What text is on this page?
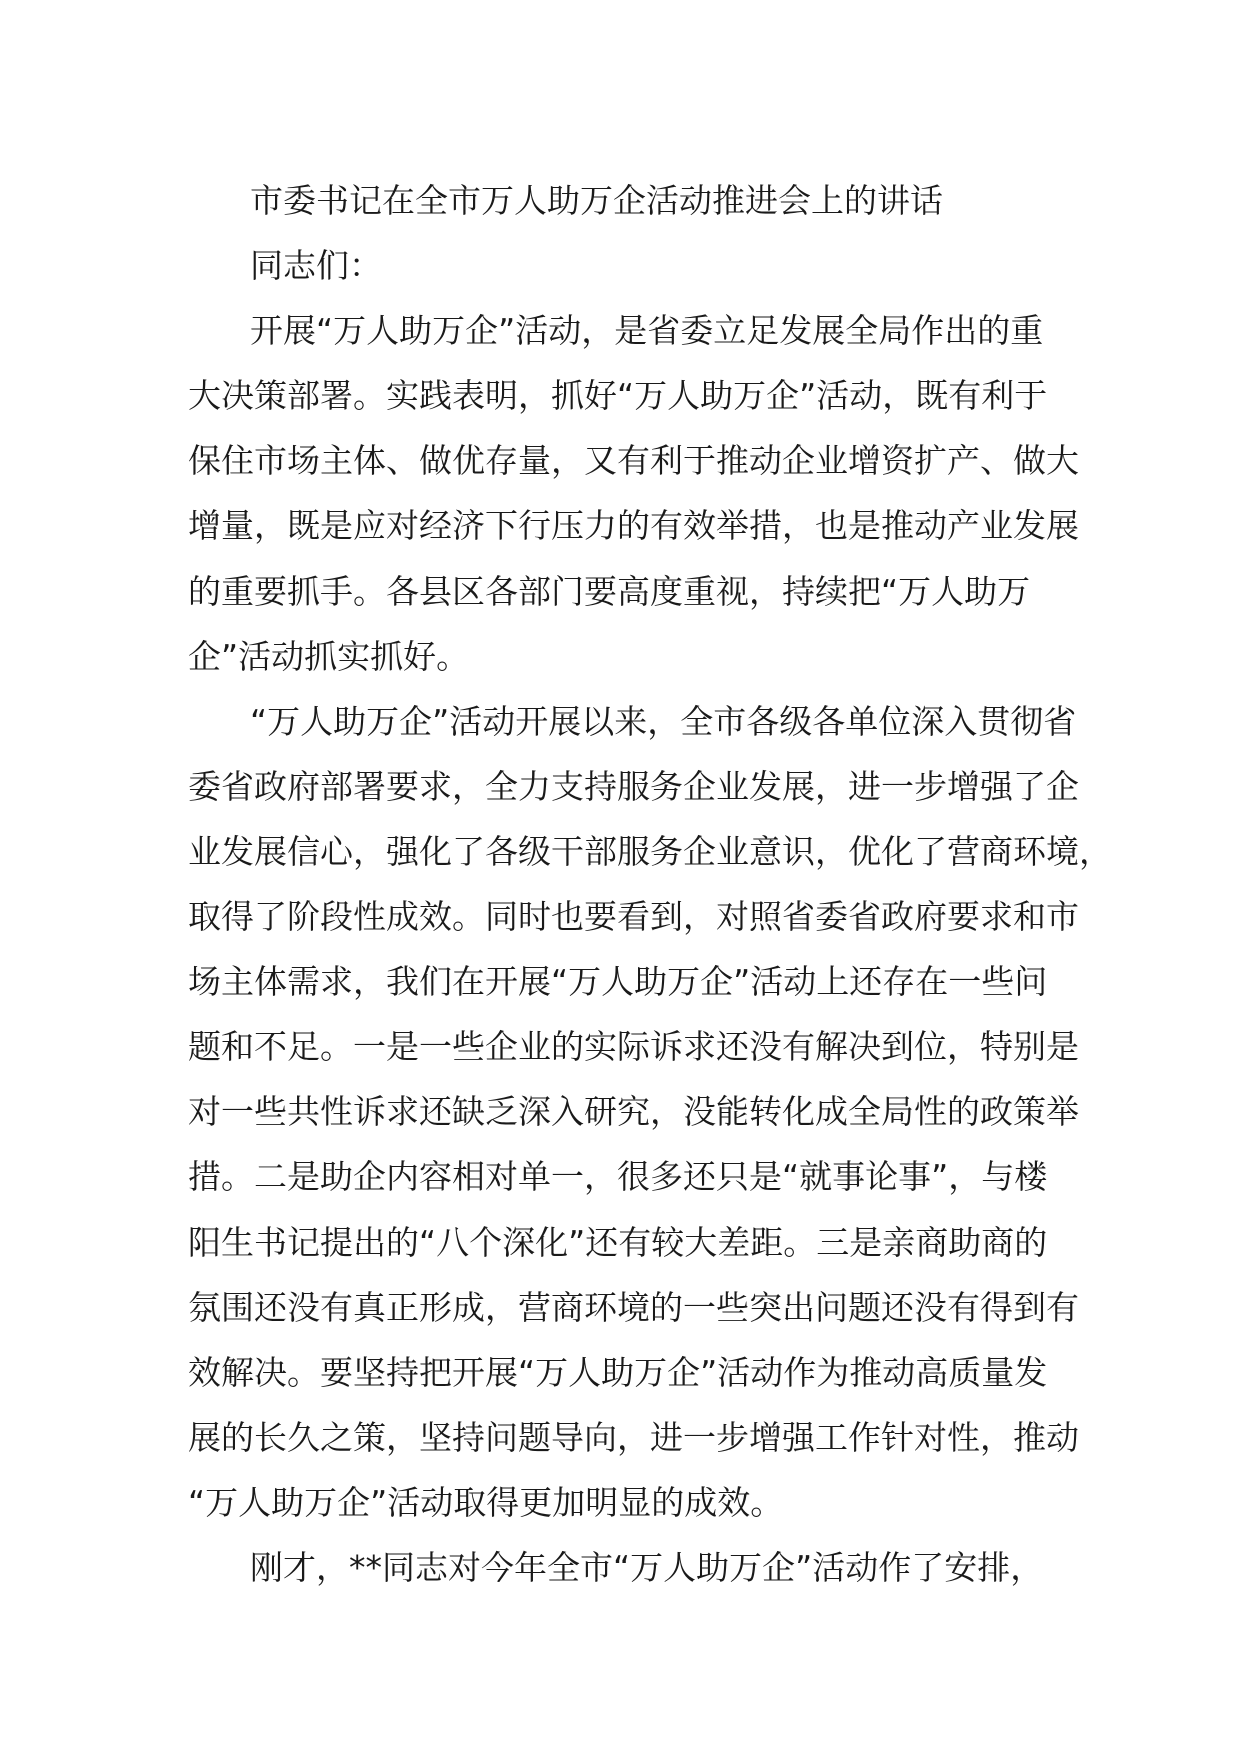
市委书记在全市万人助万企活动推进会上的讲话
同志们：
开展“万人助万企”活动，是省委立足发展全局作出的重
大决策部署。实践表明，抓好“万人助万企”活动，既有利于
保住市场主体、做优存量，又有利于推动企业增资扩产、做大
增量，既是应对经济下行压力的有效举措，也是推动产业发展
的重要抓手。各县区各部门要高度重视，持续把“万人助万
企”活动抓实抓好。
“万人助万企”活动开展以来，全市各级各单位深入贯彻省
委省政府部署要求，全力支持服务企业发展，进一步增强了企
业发展信心，强化了各级干部服务企业意识，优化了营商环境，
取得了阶段性成效。同时也要看到，对照省委省政府要求和市
场主体需求，我们在开展“万人助万企”活动上还存在一些问
题和不足。一是一些企业的实际诉求还没有解决到位，特别是
对一些共性诉求还缺乏深入研究，没能转化成全局性的政策举
措。二是助企内容相对单一，很多还只是“就事论事”，与楼
阳生书记提出的“八个深化”还有较大差距。三是亲商助商的
氛围还没有真正形成，营商环境的一些突出问题还没有得到有
效解决。要坚持把开展“万人助万企”活动作为推动高质量发
展的长久之策，坚持问题导向，进一步增强工作针对性，推动
“万人助万企”活动取得更加明显的成效。
刚才，**同志对今年全市“万人助万企”活动作了安排，
